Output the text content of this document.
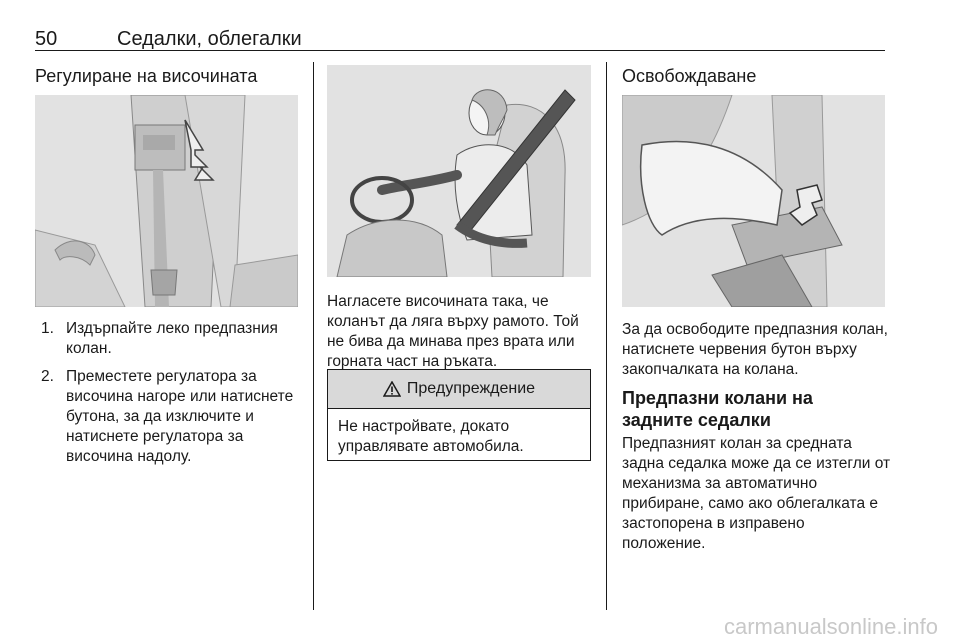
50	Седалки, облегалки
Регулиране на височината
1. Издърпайте леко предпазния колан.
2. Преместете регулатора за височина нагоре или натиснете бутона, за да изключите и натиснете регулатора за височина надолу.

Нагласете височината така, че коланът да ляга върху рамото. Той не бива да минава през врата или горната част на ръката.

Предупреждение
Не настройвате, докато управлявате автомобила.
Освобождаване

За да освободите предпазния колан, натиснете червения бутон върху закопчалката на колана.

Предпазни колани на задните седалки

Предпазният колан за средната задна седалка може да се изтегли от механизма за автоматично прибиране, само ако облегалката е застопорена в изправено положение.

carmanualsonline.info
